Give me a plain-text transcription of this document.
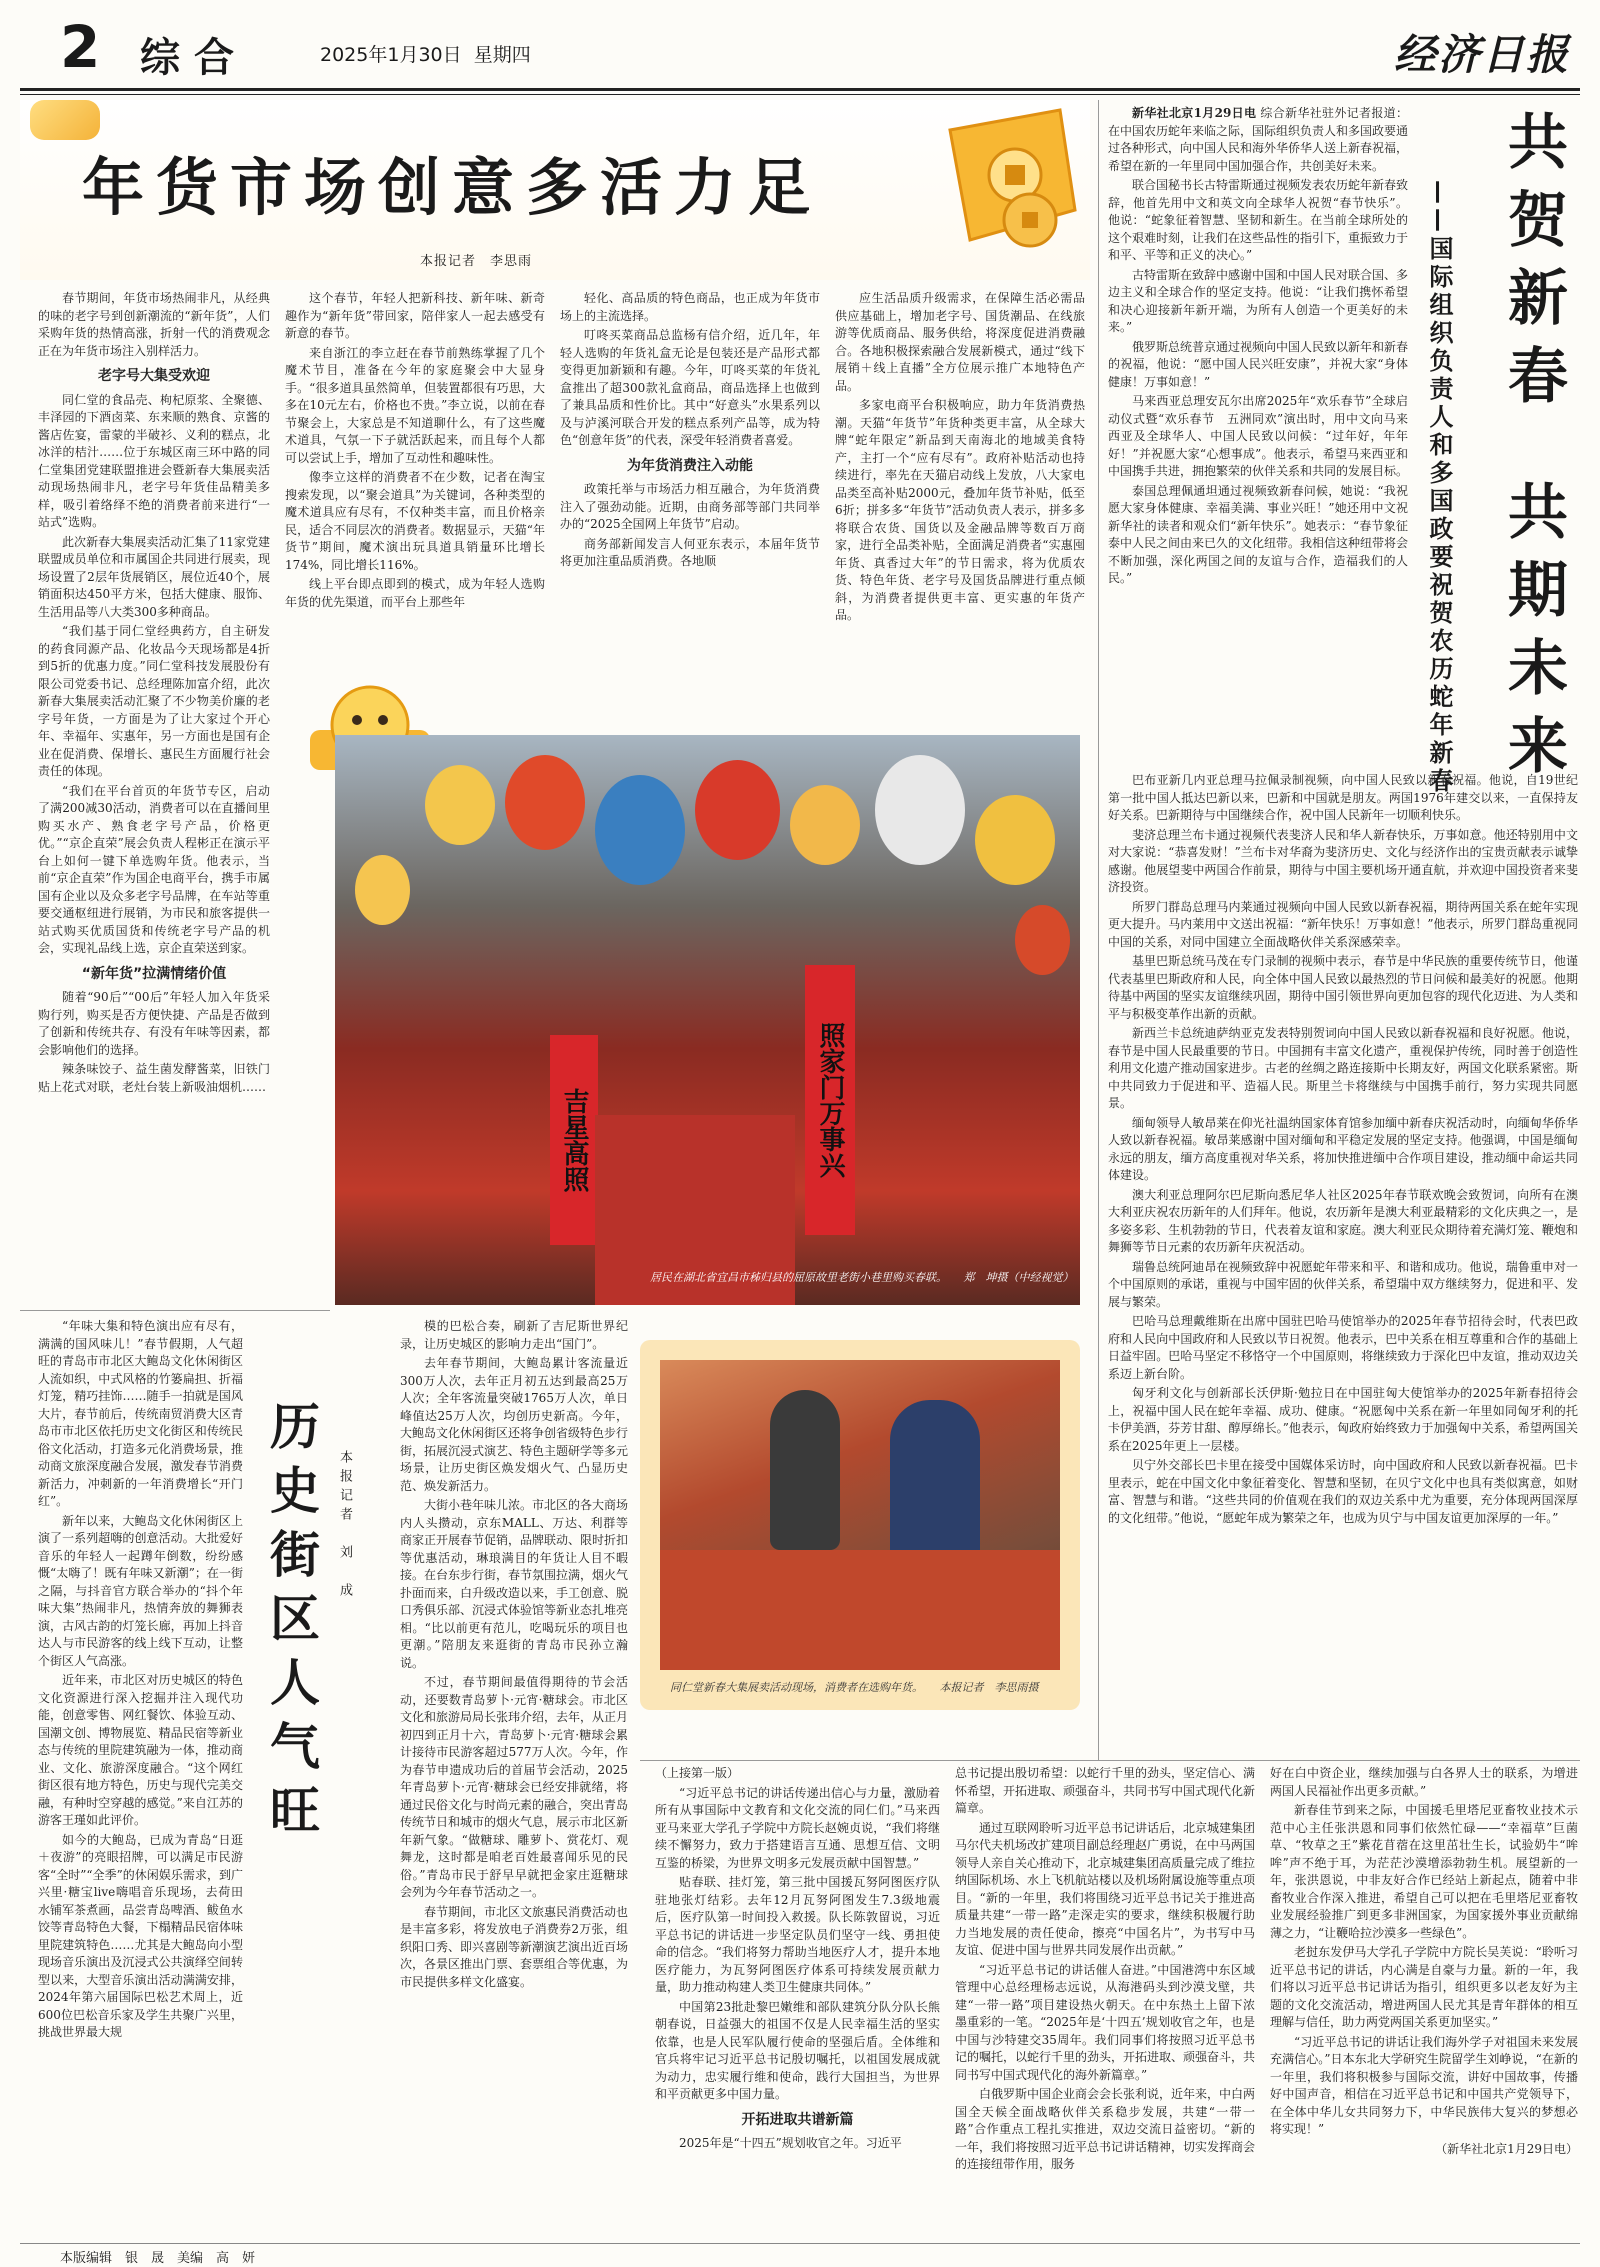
2 综合	2025年1月30日 星期四	经济日报
年货市场创意多活力足
本报记者　李思雨

春节期间，年货市场热闹非凡，从经典的味的老字号到创新潮流的“新年货”，人们采购年货的热情高涨，折射一代的消费观念正在为年货市场注入别样活力。

老字号大集受欢迎

同仁堂的食品売、枸杞原浆、全聚德、丰泽园的下酒卤菜、东来顺的熟食、京酱的酱店佐宴，雷蒙的半破衫、义利的糕点，北冰洋的桔汁……位于东城区南三环中路的同仁堂集团党建联盟推进会暨新春大集展卖活动现场热闹非凡，老字号年货佳品精美多样，吸引着络绎不绝的消费者前来进行“一站式”选购。

此次新春大集展卖活动汇集了11家党建联盟成员单位和市属国企共同进行展卖，现场设置了2层年货展销区，展位近40个，展销面积达450平方米，包括大健康、服饰、生活用品等八大类300多种商品。

“我们基于同仁堂经典药方，自主研发的药食同源产品、化妆品今天现场都是4折到5折的优惠力度。”同仁堂科技发展股份有限公司党委书记、总经理陈加富介绍，此次新春大集展卖活动汇聚了不少物美价廉的老字号年货，一方面是为了让大家过个开心年、幸福年、实惠年，另一方面也是国有企业在促消费、保增长、惠民生方面履行社会责任的体现。

“我们在平台首页的年货节专区，启动了满200减30活动，消费者可以在直播间里购买水产、熟食老字号产品，价格更优。”“京企直荣”展会负责人程彬正在演示平台上如何一键下单选购年货。他表示，当前“京企直荣”作为国企电商平台，携手市属国有企业以及众多老字号品牌，在车站等重要交通枢纽进行展销，为市民和旅客提供一站式购买优质国货和传统老字号产品的机会，实现礼品线上选，京企直荣送到家。

“新年货”拉满情绪价值

随着“90后”“00后”年轻人加入年货采购行列，购买是否方便快捷、产品是否做到了创新和传统共存、有没有年味等因素，都会影响他们的选择。

辣条味饺子、益生菌发酵酱菜，旧铁门贴上花式对联，老灶台装上新吸油烟机……

这个春节，年轻人把新科技、新年味、新奇趣作为“新年货”带回家，陪伴家人一起去感受有新意的春节。

来自浙江的李立赶在春节前熟练掌握了几个魔术节目，准备在今年的家庭聚会中大显身手。“很多道具虽然简单，但装置都很有巧思，大多在10元左右，价格也不贵。”李立说，以前在春节聚会上，大家总是不知道聊什么，有了这些魔术道具，气氛一下子就活跃起来，而且每个人都可以尝试上手，增加了互动性和趣味性。

像李立这样的消费者不在少数，记者在淘宝搜索发现，以“聚会道具”为关键词，各种类型的魔术道具应有尽有，不仅种类丰富，而且价格亲民，适合不同层次的消费者。数据显示，天猫“年货节”期间，魔术演出玩具道具销量环比增长174%，同比增长116%。

线上平台即点即到的模式，成为年轻人选购年货的优先渠道，而平台上那些年

轻化、高品质的特色商品，也正成为年货市场上的主流选择。

叮咚买菜商品总监杨有信介绍，近几年，年轻人选购的年货礼盒无论是包装还是产品形式都变得更加新颖和有趣。今年，叮咚买菜的年货礼盒推出了超300款礼盒商品，商品选择上也做到了兼具品质和性价比。其中“好意头”水果系列以及与泸溪河联合开发的糕点系列产品等，成为特色“创意年货”的代表，深受年轻消费者喜爱。

为年货消费注入动能

政策托举与市场活力相互融合，为年货消费注入了强劲动能。近期，由商务部等部门共同举办的“2025全国网上年货节”启动。

商务部新闻发言人何亚东表示，本届年货节将更加注重品质消费。各地顺

应生活品质升级需求，在保障生活必需品供应基础上，增加老字号、国货潮品、在线旅游等优质商品、服务供给，将深度促进消费融合。各地积极探索融合发展新模式，通过“线下展销＋线上直播”全方位展示推广本地特色产品。

多家电商平台积极响应，助力年货消费热潮。天猫“年货节”年货种类更丰富，从全球大牌“蛇年限定”新品到天南海北的地域美食特产，主打一个“应有尽有”。政府补贴活动也持续进行，率先在天猫启动线上发放，八大家电品类至高补贴2000元，叠加年货节补贴，低至6折；拼多多“年货节”活动负责人表示，拼多多将联合农货、国货以及金融品牌等数百万商家，进行全品类补贴，全面满足消费者“实惠囤年货、真香过大年”的节日需求，将为优质农货、特色年货、老字号及国货品牌进行重点倾斜，为消费者提供更丰富、更实惠的年货产品。

吉星高照	照家门万事兴
居民在湖北省宜昌市秭归县的屈原故里老街小巷里购买春联。　　郑　坤摄（中经视觉）
共贺新春
共期未来
——国际组织负责人和多国政要祝贺农历蛇年新春

新华社北京1月29日电 综合新华社驻外记者报道：在中国农历蛇年来临之际，国际组织负责人和多国政要通过各种形式，向中国人民和海外华侨华人送上新春祝福，希望在新的一年里同中国加强合作，共创美好未来。

联合国秘书长古特雷斯通过视频发表农历蛇年新春致辞，他首先用中文和英文向全球华人祝贺“春节快乐”。他说：“蛇象征着智慧、坚韧和新生。在当前全球所处的这个艰难时刻，让我们在这些品性的指引下，重振致力于和平、平等和正义的决心。”

古特雷斯在致辞中感谢中国和中国人民对联合国、多边主义和全球合作的坚定支持。他说：“让我们携怀希望和决心迎接新年新开端，为所有人创造一个更美好的未来。”

俄罗斯总统普京通过视频向中国人民致以新年和新春的祝福，他说：“愿中国人民兴旺安康”，并祝大家“身体健康！万事如意！”

马来西亚总理安瓦尔出席2025年“欢乐春节”全球启动仪式暨“欢乐春节　五洲同欢”演出时，用中文向马来西亚及全球华人、中国人民致以问候：“过年好，年年好！”并祝愿大家“心想事成”。他表示，希望马来西亚和中国携手共进，拥抱繁荣的伙伴关系和共同的发展目标。

泰国总理佩通坦通过视频致新春问候，她说：“我祝愿大家身体健康、幸福美满、事业兴旺！”她还用中文祝新华社的读者和观众们“新年快乐”。她表示：“春节象征泰中人民之间由来已久的文化纽带。我相信这种纽带将会不断加强，深化两国之间的友谊与合作，造福我们的人民。”

巴布亚新几内亚总理马拉佩录制视频，向中国人民致以新春祝福。他说，自19世纪第一批中国人抵达巴新以来，巴新和中国就是朋友。两国1976年建交以来，一直保持友好关系。巴新期待与中国继续合作，祝中国人民新年一切顺利快乐。

斐济总理兰布卡通过视频代表斐济人民和华人新春快乐，万事如意。他还特别用中文对大家说：“恭喜发财！”兰布卡对华裔为斐济历史、文化与经济作出的宝贵贡献表示诚挚感谢。他展望斐中两国合作前景，期待与中国主要机场开通直航，并欢迎中国投资者来斐济投资。

所罗门群岛总理马内莱通过视频向中国人民致以新春祝福，期待两国关系在蛇年实现更大提升。马内莱用中文送出祝福：“新年快乐！万事如意！”他表示，所罗门群岛重视同中国的关系，对同中国建立全面战略伙伴关系深感荣幸。

基里巴斯总统马茂在专门录制的视频中表示，春节是中华民族的重要传统节日，他谨代表基里巴斯政府和人民，向全体中国人民致以最热烈的节日问候和最美好的祝愿。他期待基中两国的坚实友谊继续巩固，期待中国引领世界向更加包容的现代化迈进、为人类和平与积极变革作出新的贡献。

新西兰卡总统迪萨纳亚克发表特别贺词向中国人民致以新春祝福和良好祝愿。他说，春节是中国人民最重要的节日。中国拥有丰富文化遗产，重视保护传统，同时善于创造性利用文化遗产推动国家进步。古老的丝绸之路连接斯中长期友好，两国文化联系紧密。斯中共同致力于促进和平、造福人民。斯里兰卡将继续与中国携手前行，努力实现共同愿景。

缅甸领导人敏昂莱在仰光社温纳国家体育馆参加缅中新春庆祝活动时，向缅甸华侨华人致以新春祝福。敏昂莱感谢中国对缅甸和平稳定发展的坚定支持。他强调，中国是缅甸永远的朋友，缅方高度重视对华关系，将加快推进缅中合作项目建设，推动缅中命运共同体建设。

澳大利亚总理阿尔巴尼斯向悉尼华人社区2025年春节联欢晚会致贺词，向所有在澳大利亚庆祝农历新年的人们拜年。他说，农历新年是澳大利亚最精彩的文化庆典之一，是多姿多彩、生机勃勃的节日，代表着友谊和家庭。澳大利亚民众期待着充满灯笼、鞭炮和舞狮等节日元素的农历新年庆祝活动。

瑞鲁总统阿迪昂在视频致辞中祝愿蛇年带来和平、和谐和成功。他说，瑞鲁重申对一个中国原则的承诺，重视与中国牢固的伙伴关系，希望瑞中双方继续努力，促进和平、发展与繁荣。

巴哈马总理戴维斯在出席中国驻巴哈马使馆举办的2025年春节招待会时，代表巴政府和人民向中国政府和人民致以节日祝贺。他表示，巴中关系在相互尊重和合作的基础上日益牢固。巴哈马坚定不移恪守一个中国原则，将继续致力于深化巴中友谊，推动双边关系迈上新台阶。

匈牙利文化与创新部长沃伊斯·勉拉日在中国驻匈大使馆举办的2025年新春招待会上，祝福中国人民在蛇年幸福、成功、健康。“祝愿匈中关系在新一年里如同匈牙利的托卡伊美酒，芬芳甘甜、醇厚绵长。”他表示，匈政府始终致力于加强匈中关系，希望两国关系在2025年更上一层楼。

贝宁外交部长巴卡里在接受中国媒体采访时，向中国政府和人民致以新春祝福。巴卡里表示，蛇在中国文化中象征着变化、智慧和坚韧，在贝宁文化中也具有类似寓意，如财富、智慧与和谐。“这些共同的价值观在我们的双边关系中尤为重要，充分体现两国深厚的文化纽带。”他说，“愿蛇年成为繁荣之年，也成为贝宁与中国友谊更加深厚的一年。”

“年味大集和特色演出应有尽有，满满的国风味儿！”春节假期，人气超旺的青岛市市北区大鲍岛文化休闲街区人流如织，中式风格的竹篓扁担、折福灯笼，精巧挂饰……随手一拍就是国风大片，春节前后，传统南贸消费大区青岛市市北区依托历史文化街区和传统民俗文化活动，打造多元化消费场景，推动商文旅深度融合发展，激发春节消费新活力，冲刺新的一年消费增长“开门红”。

新年以来，大鲍岛文化休闲街区上演了一系列超嗨的创意活动。大批爱好音乐的年轻人一起蹲年倒数，纷纷感慨“太嗨了！既有年味又新潮”；在一街之隔，与抖音官方联合举办的“抖个年味大集”热闹非凡，热情奔放的舞狮表演，古风古韵的灯笼长廊，再加上抖音达人与市民游客的线上线下互动，让整个街区人气高涨。

近年来，市北区对历史城区的特色文化资源进行深入挖掘并注入现代功能，创意零售、网红餐饮、体验互动、国潮文创、博物展览、精品民宿等新业态与传统的里院建筑融为一体，推动商业、文化、旅游深度融合。“这个网红街区很有地方特色，历史与现代完美交融，有种时空穿越的感觉。”来自江苏的游客王瑾如此评价。

如今的大鲍岛，已成为青岛“日逛＋夜游”的亮眼招牌，可以满足市民游客“全时”“全季”的休闲娱乐需求，到广兴里·糖宝live嗨唱音乐现场，去荷田水铺军茶煮画，品尝青岛啤酒、鲅鱼水饺等青岛特色大餐，下榻精品民宿体味里院建筑特色……尤其是大鲍岛向小型现场音乐演出及沉浸式公共演绎空间转型以来，大型音乐演出活动满满安排，2024年第六届国际巴松艺术周上，近600位巴松音乐家及学生共聚广兴里，挑战世界最大规

历史街区人气旺	本报记者　刘　成

模的巴松合奏，刷新了吉尼斯世界纪录，让历史城区的影响力走出“国门”。

去年春节期间，大鲍岛累计客流量近300万人次，去年正月初五达到最高25万人次；全年客流量突破1765万人次，单日峰值达25万人次，均创历史新高。今年，大鲍岛文化休闲街区还将争创省级特色步行街，拓展沉浸式演艺、特色主题研学等多元场景，让历史街区焕发烟火气、凸显历史范、焕发新活力。

大街小巷年味儿浓。市北区的各大商场内人头攒动，京东MALL、万达、利群等商家正开展春节促销，品牌联动、限时折扣等优惠活动，琳琅满目的年货让人目不暇接。在台东步行街，春节氛围拉满，烟火气扑面而来，白升级改造以来，手工创意、脱口秀俱乐部、沉浸式体验馆等新业态扎堆亮相。“比以前更有范儿，吃喝玩乐的项目也更潮。”陪朋友来逛街的青岛市民孙立瀚说。

不过，春节期间最值得期待的节会活动，还要数青岛萝卜·元宵·糖球会。市北区文化和旅游局局长张玮介绍，去年，从正月初四到正月十六，青岛萝卜·元宵·糖球会累计接待市民游客超过577万人次。今年，作为春节申遗成功后的首届节会活动，2025年青岛萝卜·元宵·糖球会已经安排就绪，将通过民俗文化与时尚元素的融合，突出青岛传统节日和城市的烟火气息，展示市北区新年新气象。“做糖球、雕萝卜、赏花灯、观舞龙，这时都是咱老百姓最喜闻乐见的民俗。”青岛市民于舒早早就把金家庄逛糖球会列为今年春节活动之一。

春节期间，市北区文旅惠民消费活动也是丰富多彩，将发放电子消费券2万张，组织阳口秀、即兴喜剧等新潮演艺演出近百场次，各景区推出门票、套票组合等优惠，为市民提供多样文化盛宴。

同仁堂新春大集展卖活动现场，消费者在选购年货。　　本报记者　李思雨摄

（上接第一版）

“习近平总书记的讲话传递出信心与力量，激励着所有从事国际中文教育和文化交流的同仁们。”马来西亚马来亚大学孔子学院中方院长赵婉贞说，“我们将继续不懈努力，致力于搭建语言互通、思想互信、文明互鉴的桥梁，为世界文明多元发展贡献中国智慧。”

贴春联、挂灯笼，第三批中国援瓦努阿图医疗队驻地张灯结彩。去年12月瓦努阿图发生7.3级地震后，医疗队第一时间投入救援。队长陈敦留说，习近平总书记的讲话进一步坚定队员们坚守一线、勇担使命的信念。“我们将努力帮助当地医疗人才，提升本地医疗能力，为瓦努阿图医疗体系可持续发展贡献力量，助力推动构建人类卫生健康共同体。”

中国第23批赴黎巴嫩维和部队建筑分队分队长熊朝春说，日益强大的祖国不仅是人民幸福生活的坚实依靠，也是人民军队履行使命的坚强后盾。全体维和官兵将牢记习近平总书记殷切嘱托，以祖国发展成就为动力，忠实履行维和使命，践行大国担当，为世界和平贡献更多中国力量。

开拓进取共谱新篇

2025年是“十四五”规划收官之年。习近平

总书记提出殷切希望：以蛇行千里的劲头，坚定信心、满怀希望，开拓进取、顽强奋斗，共同书写中国式现代化新篇章。

通过互联网聆听习近平总书记讲话后，北京城建集团马尔代夫机场改扩建项目副总经理赵广勇说，在中马两国领导人亲自关心推动下，北京城建集团高质量完成了维拉纳国际机场、水上飞机航站楼以及机场附属设施等重点项目。“新的一年里，我们将围绕习近平总书记关于推进高质量共建“一带一路”走深走实的要求，继续积极履行助力当地发展的责任使命，擦亮“中国名片”，为书写中马友谊、促进中国与世界共同发展作出贡献。”

“习近平总书记的讲话催人奋进。”中国港湾中东区域管理中心总经理杨志远说，从海港码头到沙漠戈壁，共建“一带一路”项目建设热火朝天。在中东热土上留下浓墨重彩的一笔。“2025年是‘十四五’规划收官之年，也是中国与沙特建交35周年。我们同事们将按照习近平总书记的嘱托，以蛇行千里的劲头，开拓进取、顽强奋斗，共同书写中国式现代化的海外新篇章。”

白俄罗斯中国企业商会会长张利说，近年来，中白两国全天候全面战略伙伴关系稳步发展，共建“一带一路”合作重点工程扎实推进，双边交流日益密切。“新的一年，我们将按照习近平总书记讲话精神，切实发挥商会的连接纽带作用，服务

好在白中资企业，继续加强与白各界人士的联系，为增进两国人民福祉作出更多贡献。”

新春佳节到来之际，中国援毛里塔尼亚畜牧业技术示范中心主任张洪恩和同事们依然忙碌——“幸福草”巨菌草、“牧草之王”紫花苜蓿在这里茁壮生长，试验奶牛“哞哞”声不绝于耳，为茫茫沙漠增添勃勃生机。展望新的一年，张洪恩说，中非友好合作已经站上新起点，随着中非畜牧业合作深入推进，希望自己可以把在毛里塔尼亚畜牧业发展经验推广到更多非洲国家，为国家援外事业贡献绵薄之力，“让鞭哈拉沙漠多一些绿色”。

老挝东发伊马大学孔子学院中方院长吴芙说：“聆听习近平总书记的讲话，内心满是自豪与力量。新的一年，我们将以习近平总书记讲话为指引，组织更多以老友好为主题的文化交流活动，增进两国人民尤其是青年群体的相互理解与信任，助力两党两国关系更加坚实。”

“习近平总书记的讲话让我们海外学子对祖国未来发展充满信心。”日本东北大学研究生院留学生刘峥说，“在新的一年里，我们将积极参与国际交流，讲好中国故事，传播好中国声音，相信在习近平总书记和中国共产党领导下，在全体中华儿女共同努力下，中华民族伟大复兴的梦想必将实现！”

（新华社北京1月29日电）

本版编辑　银　晟　美编　高　妍
